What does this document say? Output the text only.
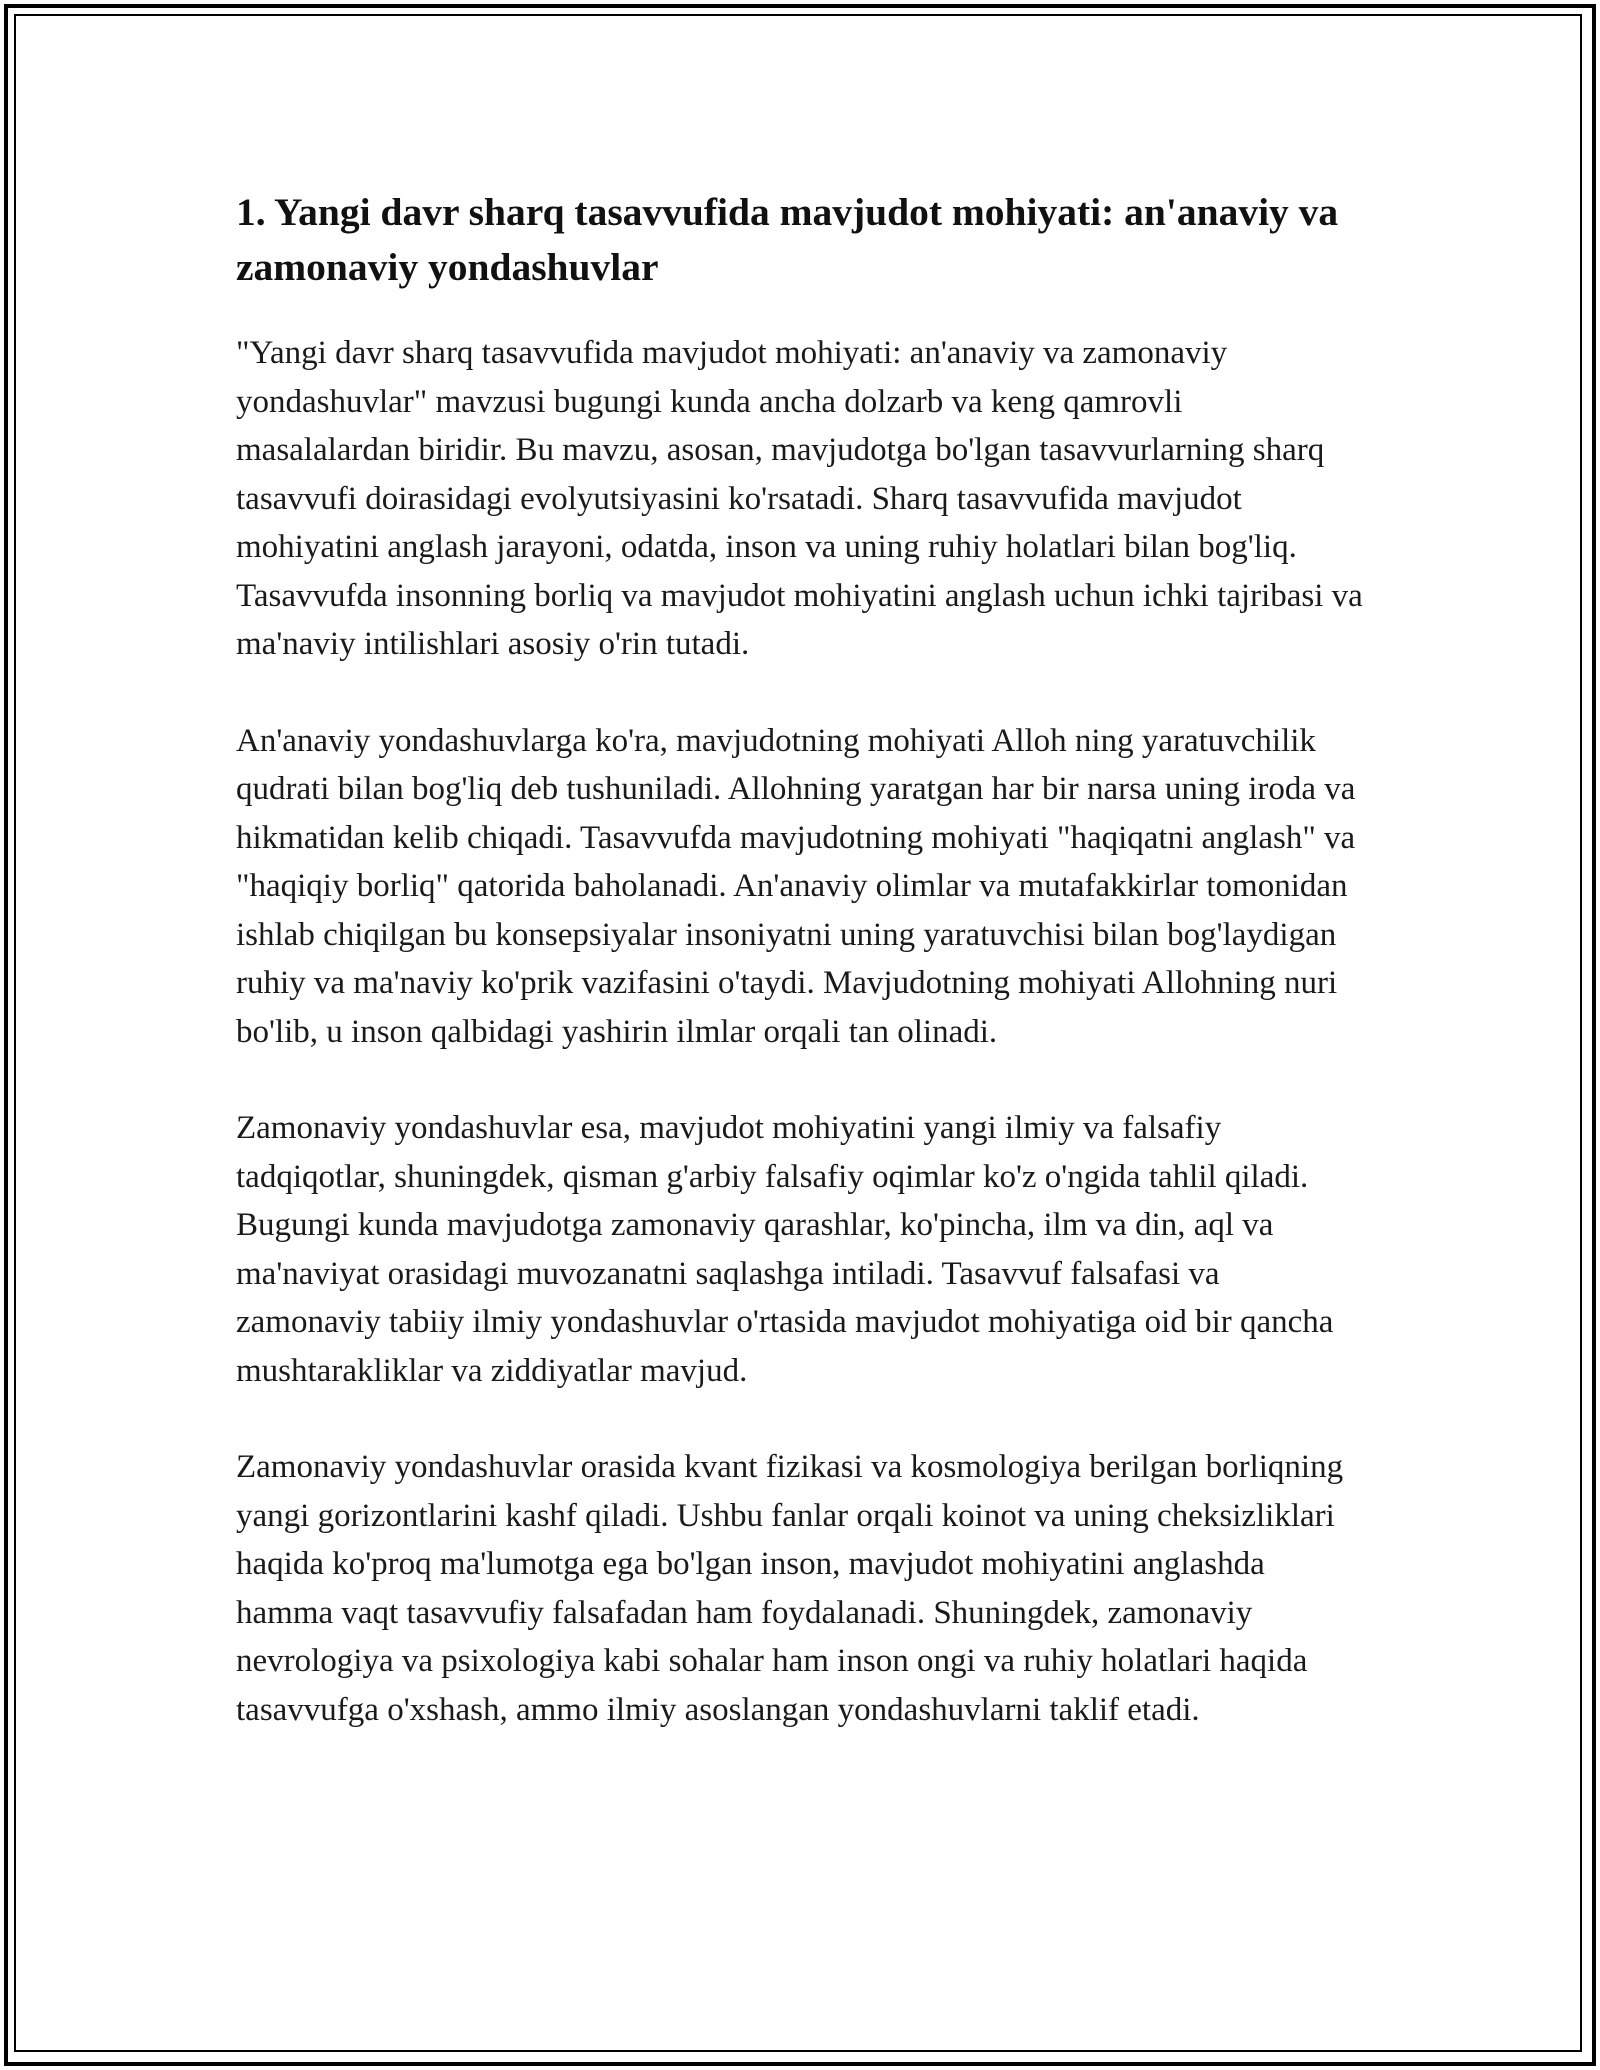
1. Yangi davr sharq tasavvufida mavjudot mohiyati: an'anaviy va zamonaviy yondashuvlar

"Yangi davr sharq tasavvufida mavjudot mohiyati: an'anaviy va zamonaviy yondashuvlar" mavzusi bugungi kunda ancha dolzarb va keng qamrovli masalalardan biridir. Bu mavzu, asosan, mavjudotga bo'lgan tasavvurlarning sharq tasavvufi doirasidagi evolyutsiyasini ko'rsatadi. Sharq tasavvufida mavjudot mohiyatini anglash jarayoni, odatda, inson va uning ruhiy holatlari bilan bog'liq. Tasavvufda insonning borliq va mavjudot mohiyatini anglash uchun ichki tajribasi va ma'naviy intilishlari asosiy o'rin tutadi.

An'anaviy yondashuvlarga ko'ra, mavjudotning mohiyati Alloh ning yaratuvchilik qudrati bilan bog'liq deb tushuniladi. Allohning yaratgan har bir narsa uning iroda va hikmatidan kelib chiqadi. Tasavvufda mavjudotning mohiyati "haqiqatni anglash" va "haqiqiy borliq" qatorida baholanadi. An'anaviy olimlar va mutafakkirlar tomonidan ishlab chiqilgan bu konsepsiyalar insoniyatni uning yaratuvchisi bilan bog'laydigan ruhiy va ma'naviy ko'prik vazifasini o'taydi. Mavjudotning mohiyati Allohning nuri bo'lib, u inson qalbidagi yashirin ilmlar orqali tan olinadi.

Zamonaviy yondashuvlar esa, mavjudot mohiyatini yangi ilmiy va falsafiy tadqiqotlar, shuningdek, qisman g'arbiy falsafiy oqimlar ko'z o'ngida tahlil qiladi. Bugungi kunda mavjudotga zamonaviy qarashlar, ko'pincha, ilm va din, aql va ma'naviyat orasidagi muvozanatni saqlashga intiladi. Tasavvuf falsafasi va zamonaviy tabiiy ilmiy yondashuvlar o'rtasida mavjudot mohiyatiga oid bir qancha mushtarakliklar va ziddiyatlar mavjud.

Zamonaviy yondashuvlar orasida kvant fizikasi va kosmologiya berilgan borliqning yangi gorizontlarini kashf qiladi. Ushbu fanlar orqali koinot va uning cheksizliklari haqida ko'proq ma'lumotga ega bo'lgan inson, mavjudot mohiyatini anglashda hamma vaqt tasavvufiy falsafadan ham foydalanadi. Shuningdek, zamonaviy nevrologiya va psixologiya kabi sohalar ham inson ongi va ruhiy holatlari haqida tasavvufga o'xshash, ammo ilmiy asoslangan yondashuvlarni taklif etadi.
